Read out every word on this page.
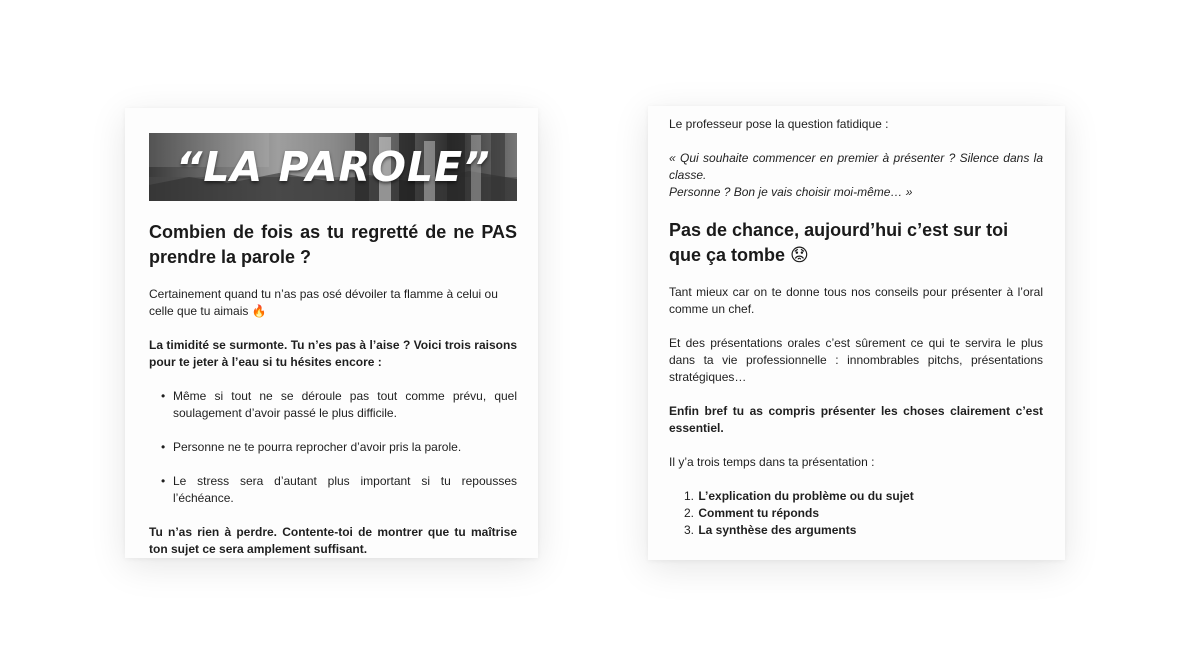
“LA PAROLE”
Combien de fois as tu regretté de ne PAS prendre la parole ?

Certainement quand tu n’as pas osé dévoiler ta flamme à celui ou celle que tu aimais 🔥

La timidité se surmonte. Tu n’es pas à l’aise ? Voici trois raisons pour te jeter à l’eau si tu hésites encore :

• Même si tout ne se déroule pas tout comme prévu, quel soulagement d’avoir passé le plus difficile.
• Personne ne te pourra reprocher d’avoir pris la parole.
• Le stress sera d’autant plus important si tu repousses l’échéance.

Tu n’as rien à perdre. Contente-toi de montrer que tu maîtrise ton sujet ce sera amplement suffisant.

Le professeur pose la question fatidique :

« Qui souhaite commencer en premier à présenter ? Silence dans la classe.

Personne ? Bon je vais choisir moi-même… »

Pas de chance, aujourd’hui c’est sur toi que ça tombe 😟

Tant mieux car on te donne tous nos conseils pour présenter à l’oral comme un chef.

Et des présentations orales c’est sûrement ce qui te servira le plus dans ta vie professionnelle : innombrables pitchs, présentations stratégiques…

Enfin bref tu as compris présenter les choses clairement c’est essentiel.

Il y’a trois temps dans ta présentation :

1. L’explication du problème ou du sujet
2. Comment tu réponds
3. La synthèse des arguments
